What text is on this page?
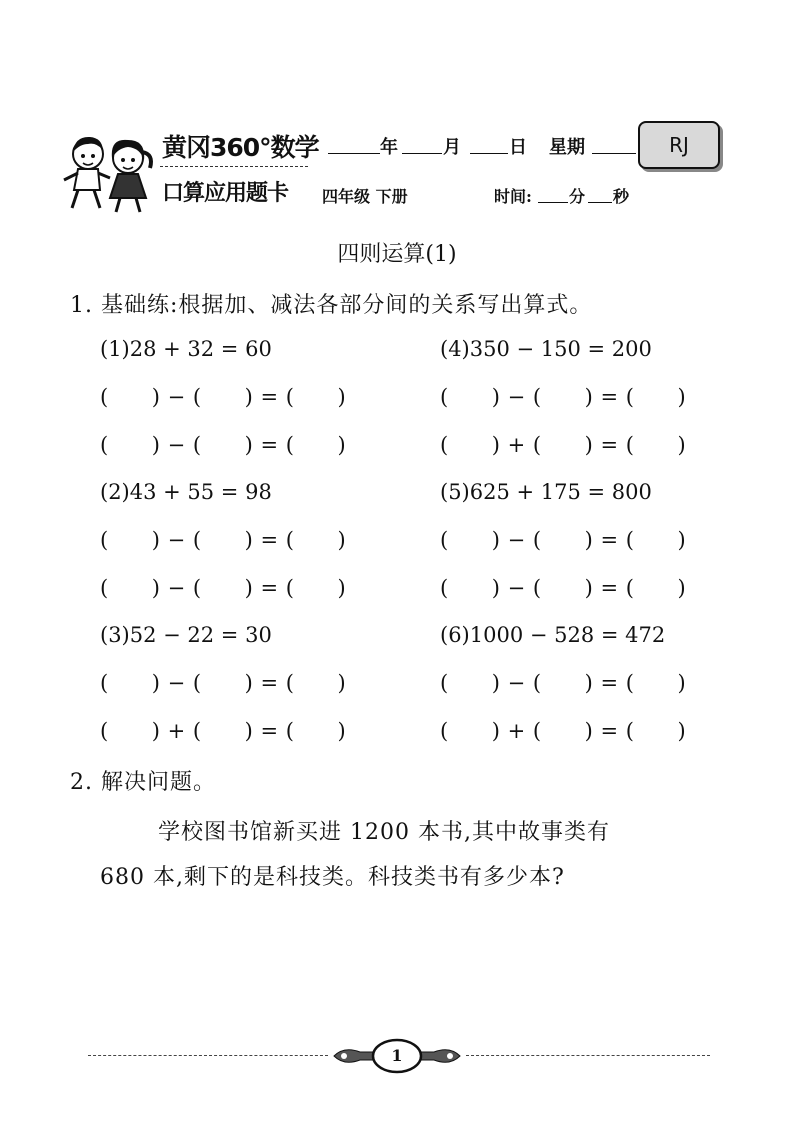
黄冈360°数学
口算应用题卡
年	月	日 星期	RJ
四年级 下册	时间: 分 秒
四则运算(1)
1. 基础练:根据加、减法各部分间的关系写出算式。
(1)28 + 32 = 60
(      ) − (      ) = (      )
(      ) − (      ) = (      )
(2)43 + 55 = 98
(      ) − (      ) = (      )
(      ) − (      ) = (      )
(3)52 − 22 = 30
(      ) − (      ) = (      )
(      ) + (      ) = (      )
(4)350 − 150 = 200
(      ) − (      ) = (      )
(      ) + (      ) = (      )
(5)625 + 175 = 800
(      ) − (      ) = (      )
(      ) − (      ) = (      )
(6)1000 − 528 = 472
(      ) − (      ) = (      )
(      ) + (      ) = (      )
2. 解决问题。
学校图书馆新买进 1200 本书,其中故事类有
680 本,剩下的是科技类。科技类书有多少本?
1
